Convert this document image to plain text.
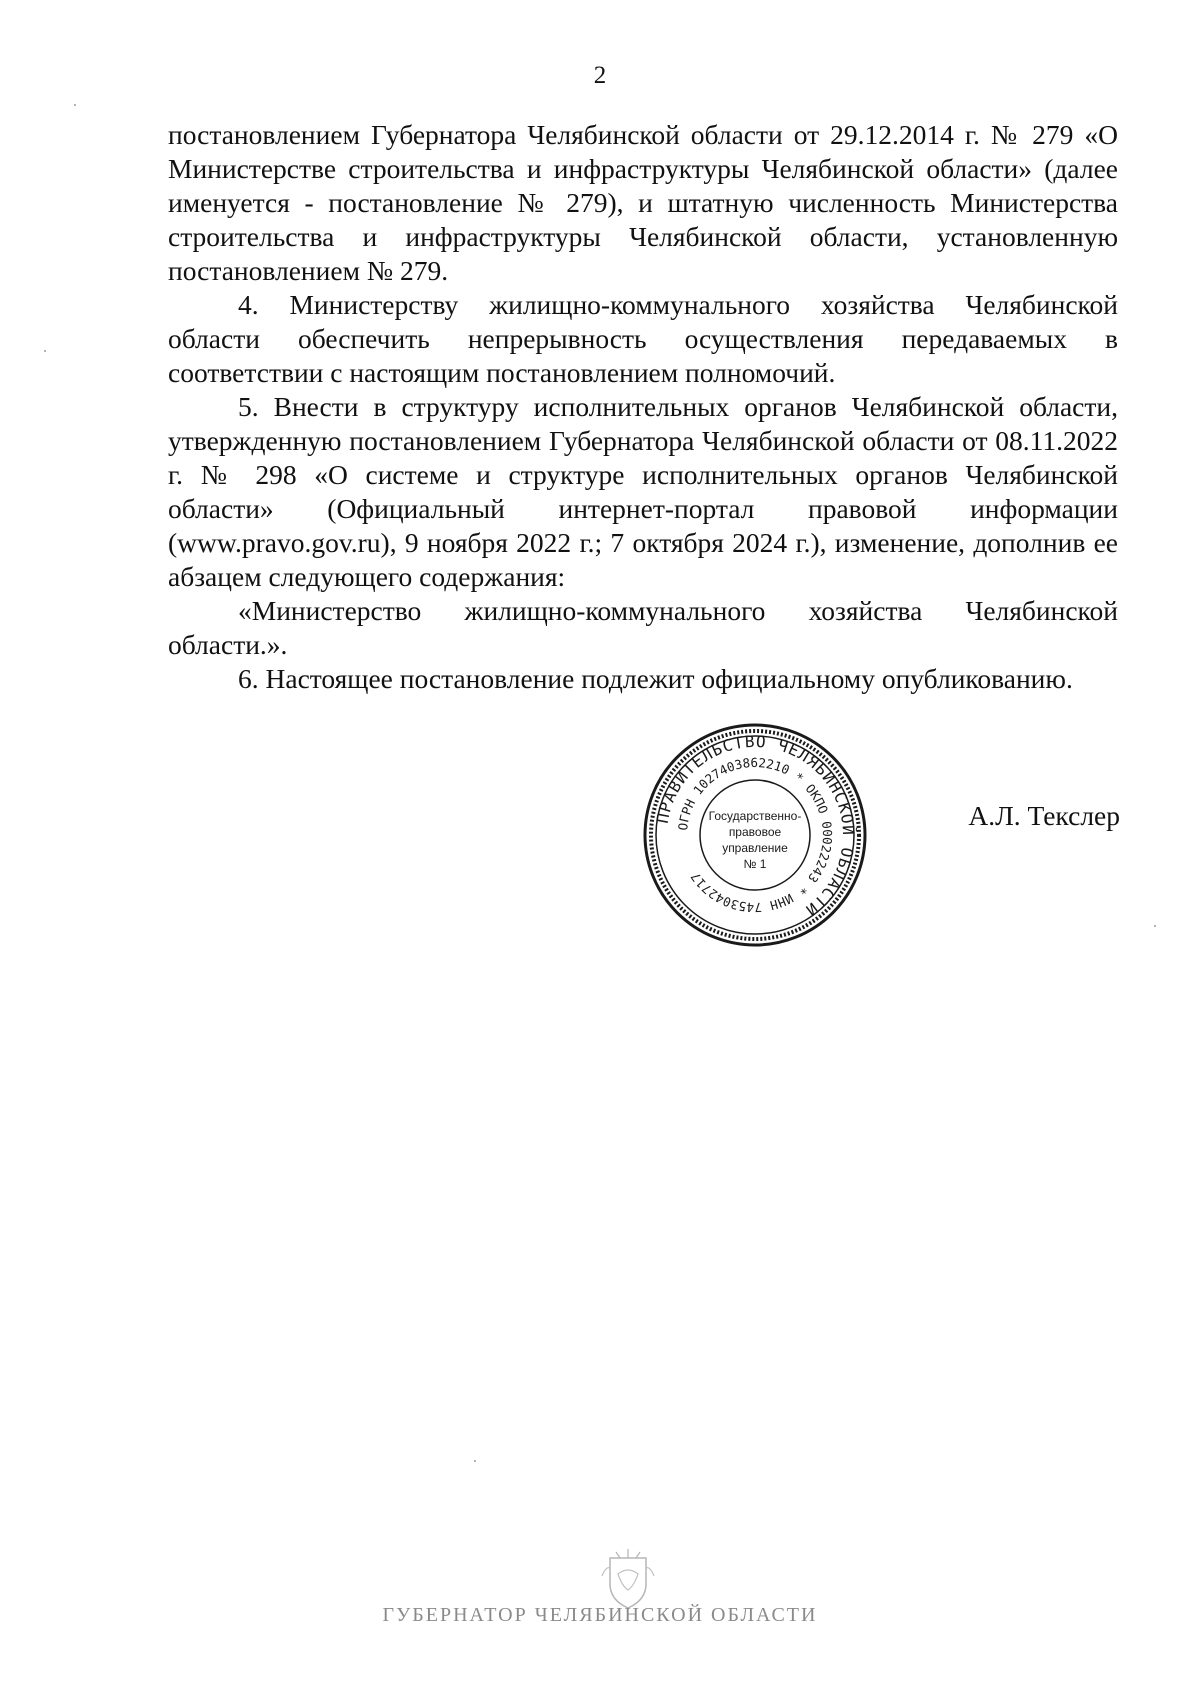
2

постановлением Губернатора Челябинской области от 29.12.2014 г. № 279 «О Министерстве строительства и инфраструктуры Челябинской области» (далее именуется - постановление № 279), и штатную численность Министерства строительства и инфраструктуры Челябинской области, установленную постановлением № 279.

4. Министерству жилищно-коммунального хозяйства Челябинской области обеспечить непрерывность осуществления передаваемых в соответствии с настоящим постановлением полномочий.

5. Внести в структуру исполнительных органов Челябинской области, утвержденную постановлением Губернатора Челябинской области от 08.11.2022 г. № 298 «О системе и структуре исполнительных органов Челябинской области» (Официальный интернет-портал правовой информации (www.pravo.gov.ru), 9 ноября 2022 г.; 7 октября 2024 г.), изменение, дополнив ее абзацем следующего содержания:

«Министерство жилищно-коммунального хозяйства Челябинской области.».

6. Настоящее постановление подлежит официальному опубликованию.

ПРАВИТЕЛЬСТВО ЧЕЛЯБИНСКОЙ ОБЛАСТИ
ОГРН 1027403862210 * ОКПО 00022243 * ИНН 7453042717
Государственно-
правовое
управление
№ 1
А.Л. Текслер
ГУБЕРНАТОР ЧЕЛЯБИНСКОЙ ОБЛАСТИ
